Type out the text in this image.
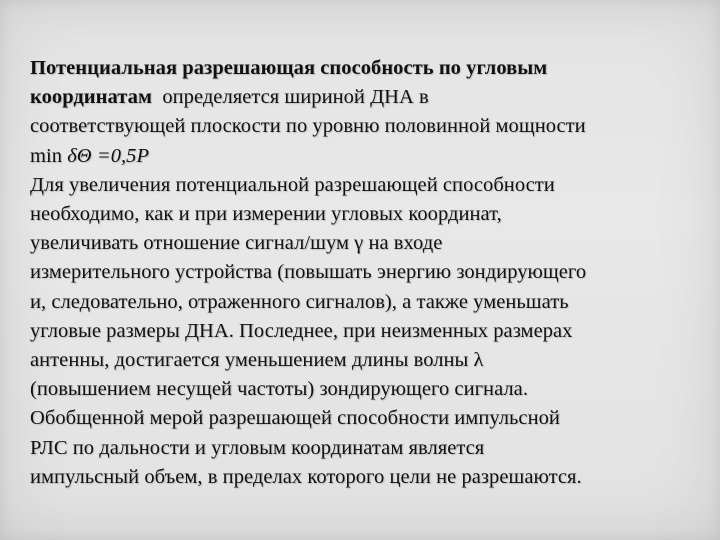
Потенциальная разрешающая способность по угловым
координатам  определяется шириной ДНА в
соответствующей плоскости по уровню половинной мощности
min δΘ =0,5P
Для увеличения потенциальной разрешающей способности
необходимо, как и при измерении угловых координат,
увеличивать отношение сигнал/шум γ на входе
измерительного устройства (повышать энергию зондирующего
и, следовательно, отраженного сигналов), а также уменьшать
угловые размеры ДНА. Последнее, при неизменных размерах
антенны, достигается уменьшением длины волны λ
(повышением несущей частоты) зондирующего сигнала.
Обобщенной мерой разрешающей способности импульсной
РЛС по дальности и угловым координатам является
импульсный объем, в пределах которого цели не разрешаются.
